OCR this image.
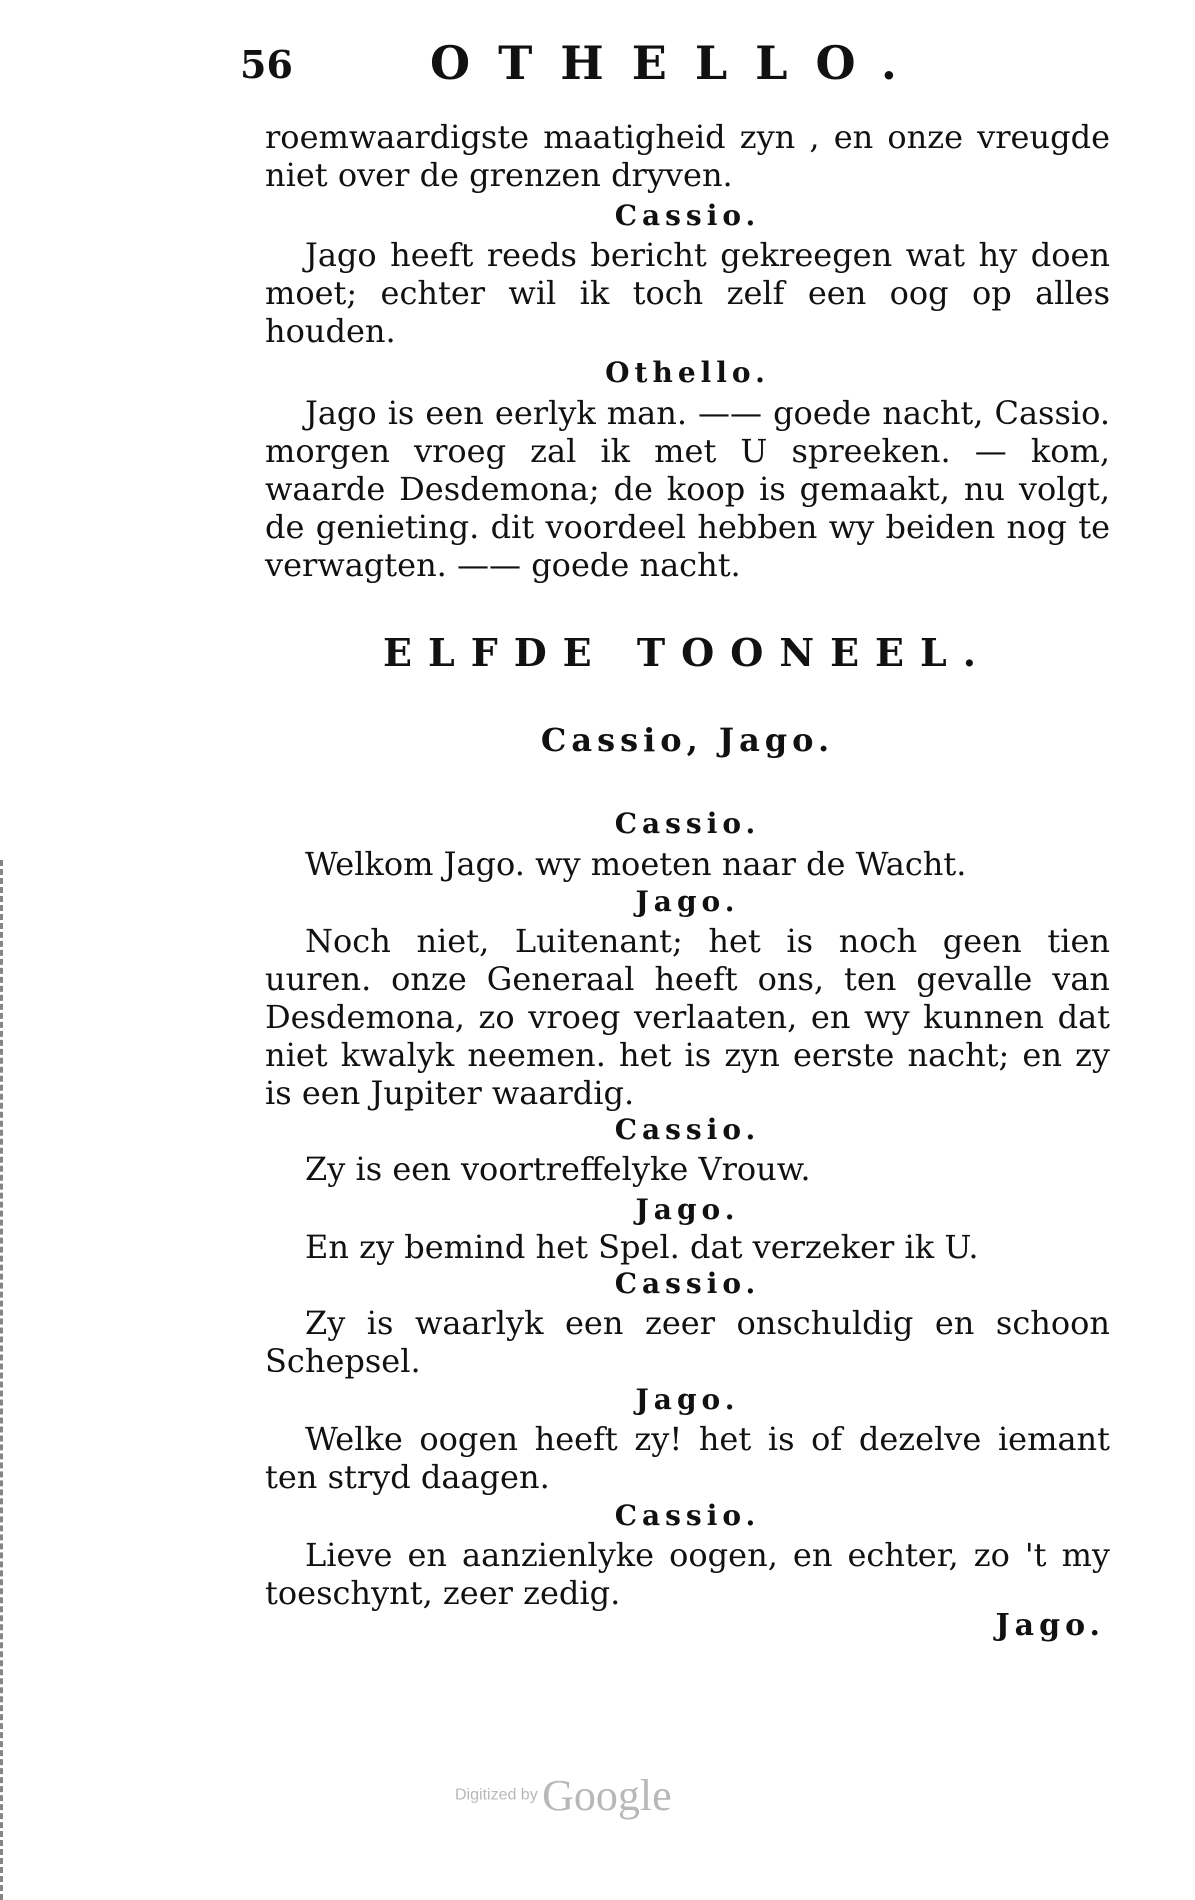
56	OTHELLO.

roemwaardigste maatigheid zyn , en onze vreugde niet over de grenzen dryven.

Cassio.

Jago heeft reeds bericht gekreegen wat hy doen moet; echter wil ik toch zelf een oog op alles houden.

Othello.

Jago is een eerlyk man. —— goede nacht, Cassio. morgen vroeg zal ik met U spreeken. — kom, waarde Desdemona; de koop is gemaakt, nu volgt, de genieting. dit voordeel hebben wy beiden nog te verwagten. —— goede nacht.

ELFDE TOONEEL.
Cassio, Jago.
Cassio.

Welkom Jago. wy moeten naar de Wacht.

Jago.

Noch niet, Luitenant; het is noch geen tien uuren. onze Generaal heeft ons, ten gevalle van Desdemona, zo vroeg verlaaten, en wy kunnen dat niet kwalyk neemen. het is zyn eerste nacht; en zy is een Jupiter waardig.

Cassio.

Zy is een voortreffelyke Vrouw.

Jago.

En zy bemind het Spel. dat verzeker ik U.

Cassio.

Zy is waarlyk een zeer onschuldig en schoon Schepsel.

Jago.

Welke oogen heeft zy! het is of dezelve iemant ten stryd daagen.

Cassio.

Lieve en aanzienlyke oogen, en echter, zo 't my toeschynt, zeer zedig.

Jago.
Digitized by Google
